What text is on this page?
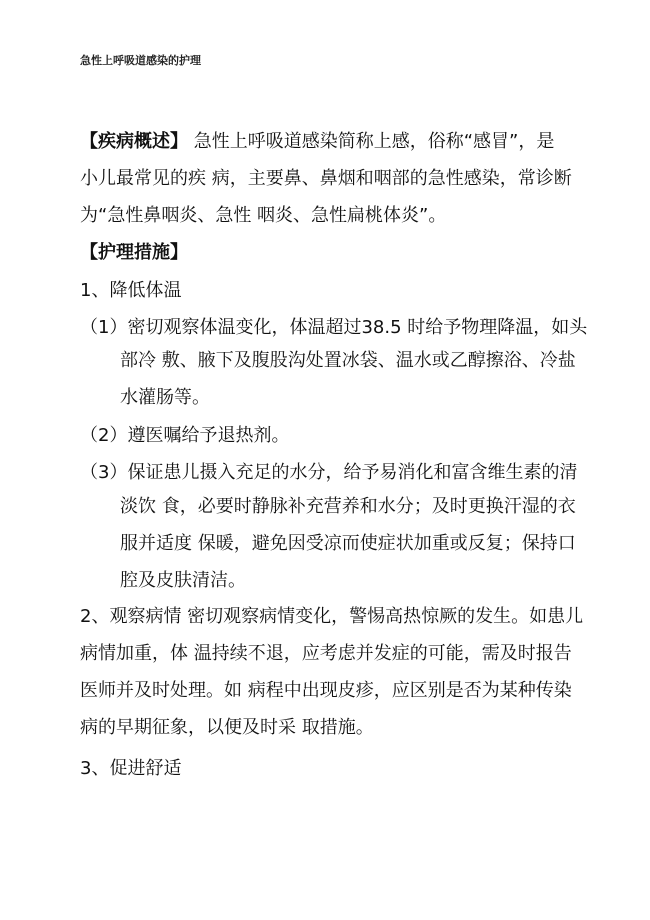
急性上呼吸道感染的护理
【疾病概述】 急性上呼吸道感染简称上感，俗称“感冒”，是
小儿最常见的疾 病，主要鼻、鼻烟和咽部的急性感染，常诊断
为“急性鼻咽炎、急性 咽炎、急性扁桃体炎”。
【护理措施】
1、降低体温
（1）密切观察体温变化，体温超过38.5 时给予物理降温，如头
部冷 敷、腋下及腹股沟处置冰袋、温水或乙醇擦浴、冷盐
水灌肠等。
（2）遵医嘱给予退热剂。
（3）保证患儿摄入充足的水分，给予易消化和富含维生素的清
淡饮 食，必要时静脉补充营养和水分；及时更换汗湿的衣
服并适度 保暖，避免因受凉而使症状加重或反复；保持口
腔及皮肤清洁。
2、观察病情 密切观察病情变化，警惕高热惊厥的发生。如患儿
病情加重，体 温持续不退，应考虑并发症的可能，需及时报告
医师并及时处理。如 病程中出现皮疹，应区别是否为某种传染
病的早期征象，以便及时采 取措施。
3、促进舒适
